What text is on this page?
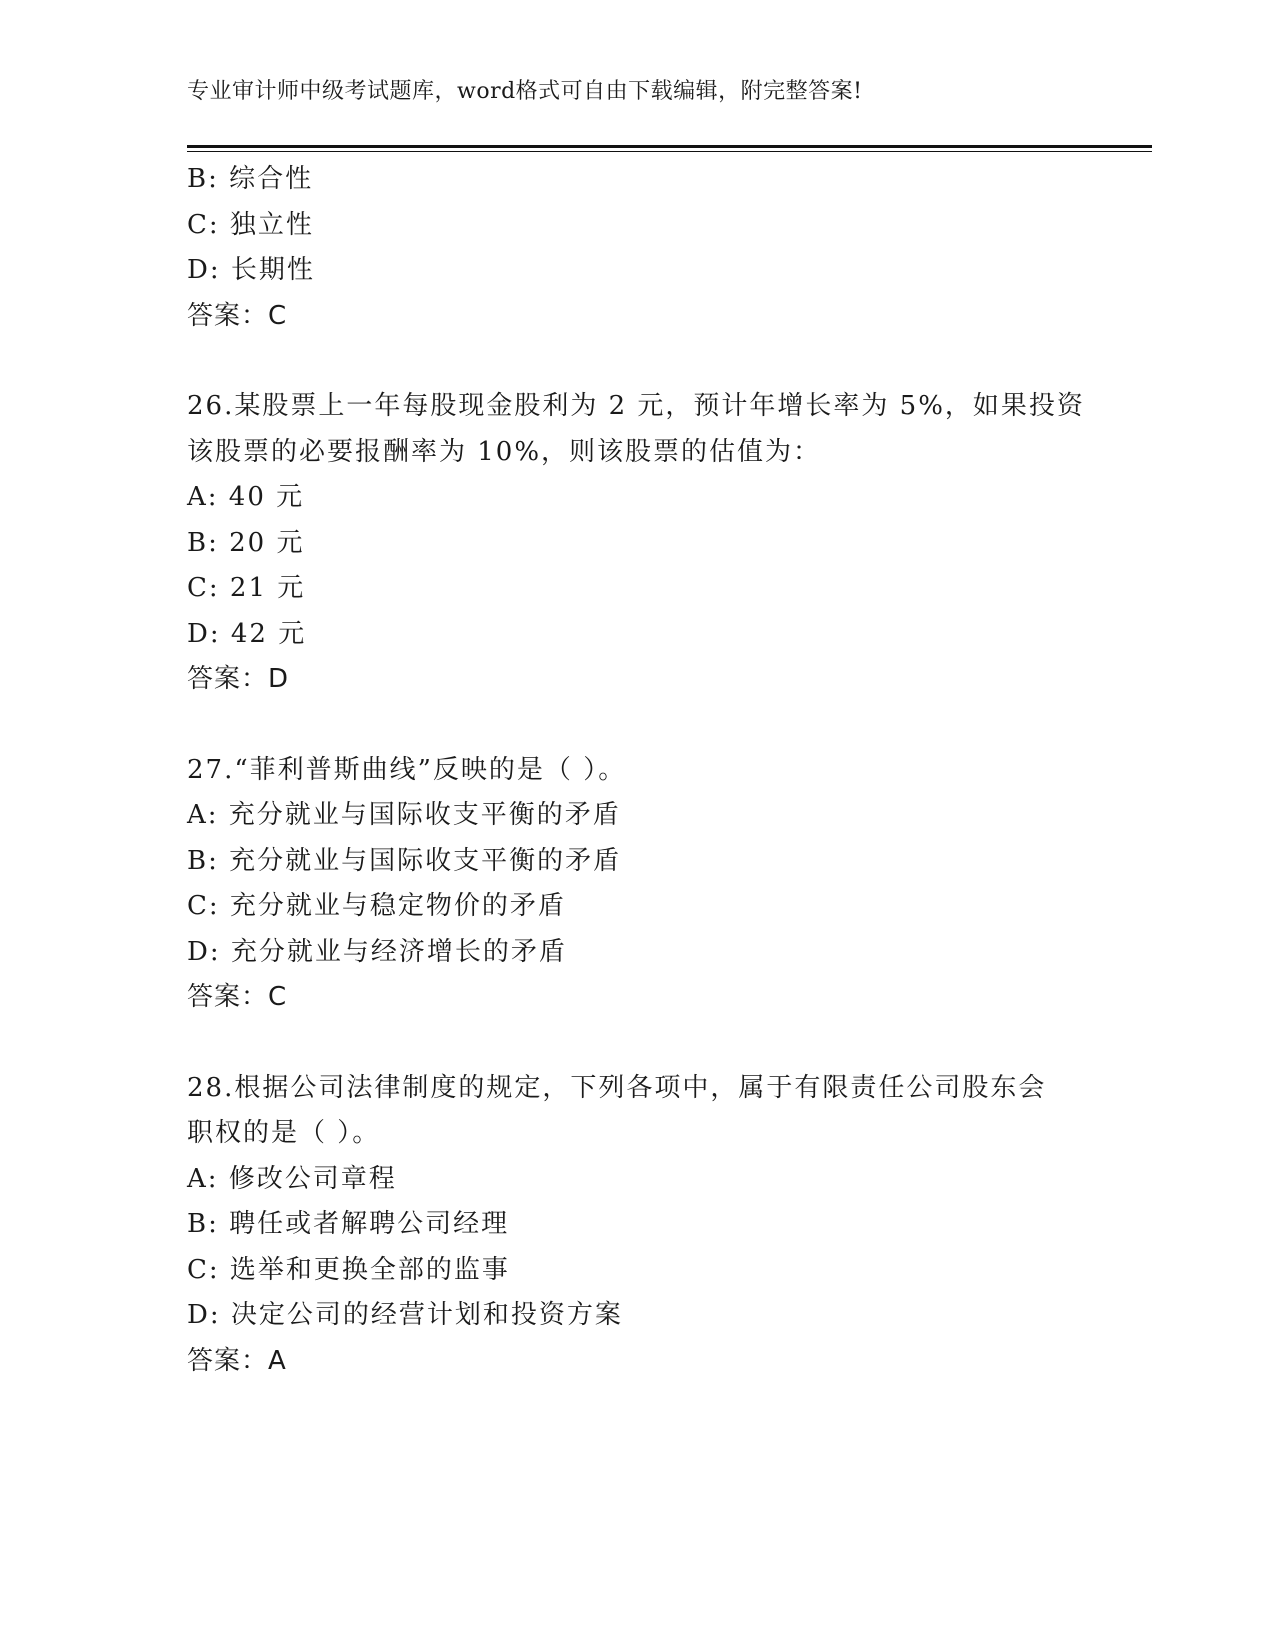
专业审计师中级考试题库，word格式可自由下载编辑，附完整答案!
B: 综合性
C: 独立性
D: 长期性
答案：C
26.某股票上一年每股现金股利为 2 元，预计年增长率为 5%，如果投资
该股票的必要报酬率为 10%，则该股票的估值为：
A: 40 元
B: 20 元
C: 21 元
D: 42 元
答案：D
27.“菲利普斯曲线”反映的是（ ）。
A: 充分就业与国际收支平衡的矛盾
B: 充分就业与国际收支平衡的矛盾
C: 充分就业与稳定物价的矛盾
D: 充分就业与经济增长的矛盾
答案：C
28.根据公司法律制度的规定，下列各项中，属于有限责任公司股东会
职权的是（ ）。
A: 修改公司章程
B: 聘任或者解聘公司经理
C: 选举和更换全部的监事
D: 决定公司的经营计划和投资方案
答案：A
